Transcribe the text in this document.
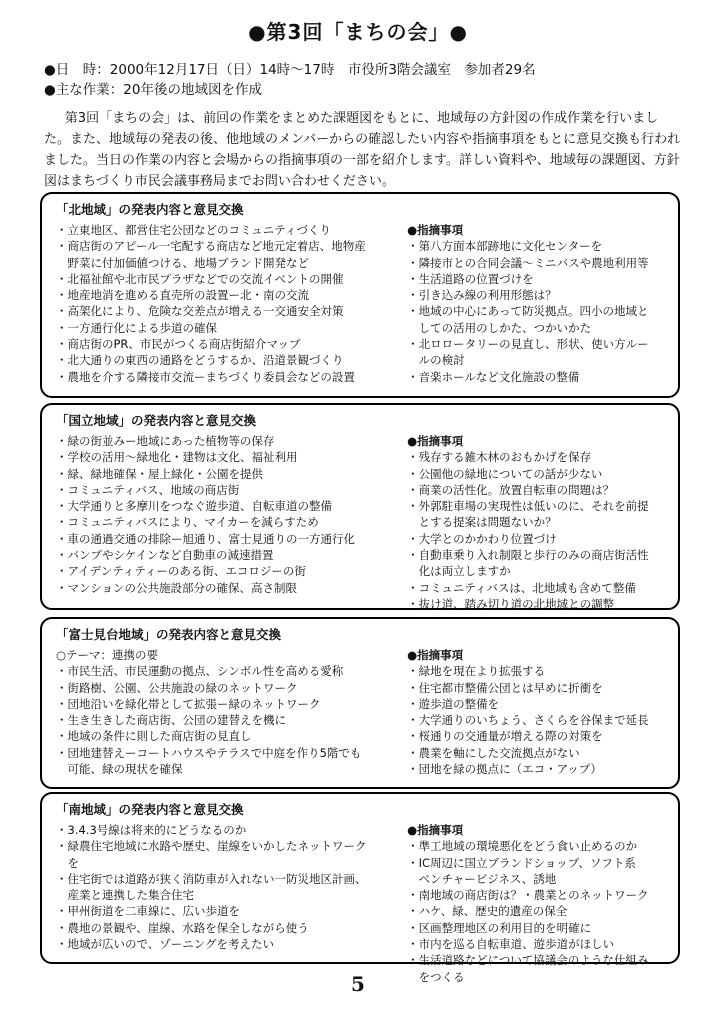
●第3回「まちの会」●
●日　時：2000年12月17日（日）14時〜17時　市役所3階会議室　参加者29名
●主な作業：20年後の地域図を作成

第3回「まちの会」は、前回の作業をまとめた課題図をもとに、地域毎の方針図の作成作業を行いました。また、地域毎の発表の後、他地域のメンバーからの確認したい内容や指摘事項をもとに意見交換も行われました。当日の作業の内容と会場からの指摘事項の一部を紹介します。詳しい資料や、地域毎の課題図、方針図はまちづくり市民会議事務局までお問い合わせください。

「北地域」の発表内容と意見交換
・立東地区、都営住宅公団などのコミュニティづくり
・商店街のアピール一宅配する商店など地元定着店、地物産
　野菜に付加価値つける、地場ブランド開発など
・北福祉館や北市民プラザなどでの交流イベントの開催
・地産地消を進める直売所の設置ー北・南の交流
・高架化により、危険な交差点が増える一交通安全対策
・一方通行化による歩道の確保
・商店街のPR、市民がつくる商店街紹介マップ
・北大通りの東西の通路をどうするか、沿道景観づくり
・農地を介する隣接市交流ーまちづくり委員会などの設置
●指摘事項
・第八方面本部跡地に文化センターを
・隣接市との合同会議〜ミニバスや農地利用等
・生活道路の位置づけを
・引き込み線の利用形態は？
・地域の中心にあって防災拠点。四小の地域と
　しての活用のしかた、つかいかた
・北ロロータリーの見直し、形状、使い方ルー
　ルの検討
・音楽ホールなど文化施設の整備
「国立地域」の発表内容と意見交換
・緑の街並みー地域にあった植物等の保存
・学校の活用〜緑地化・建物は文化、福祉利用
・緑、緑地確保・屋上緑化・公園を提供
・コミュニティバス、地域の商店街
・大学通りと多摩川をつなぐ遊歩道、自転車道の整備
・コミュニティバスにより、マイカーを減らすため
・車の通過交通の排除ー旭通り、富士見通りの一方通行化
・バンプやシケインなど自動車の減速措置
・アイデンティティーのある街、エコロジーの街
・マンションの公共施設部分の確保、高さ制限
●指摘事項
・残存する雑木林のおもかげを保存
・公園他の緑地についての話が少ない
・商業の活性化。放置自転車の問題は？
・外郭駐車場の実現性は低いのに、それを前提
　とする提案は問題ないか？
・大学とのかかわり位置づけ
・自動車乗り入れ制限と歩行のみの商店街活性
　化は両立しますか
・コミュニティバスは、北地域も含めて整備
・抜け道、踏み切り道の北地域との調整
「富士見台地域」の発表内容と意見交換
○テーマ：連携の要
・市民生活、市民運動の拠点、シンボル性を高める愛称
・街路樹、公園、公共施設の緑のネットワーク
・団地沿いを緑化帯として拡張ー緑のネットワーク
・生き生きした商店街、公団の建替えを機に
・地域の条件に則した商店街の見直し
・団地建替えーコートハウスやテラスで中庭を作り5階でも
　可能、緑の現状を確保
●指摘事項
・緑地を現在より拡張する
・住宅都市整備公団とは早めに折衝を
・遊歩道の整備を
・大学通りのいちょう、さくらを谷保まで延長
・桜通りの交通量が増える際の対策を
・農業を軸にした交流拠点がない
・団地を緑の拠点に（エコ・アップ）
「南地域」の発表内容と意見交換
・3.4.3号線は将来的にどうなるのか
・緑農住宅地域に水路や歴史、崖線をいかしたネットワーク
　を
・住宅街では道路が狭く消防車が入れない一防災地区計画、
　産業と連携した集合住宅
・甲州街道を二車線に、広い歩道を
・農地の景観や、崖線、水路を保全しながら使う
・地域が広いので、ゾーニングを考えたい
●指摘事項
・準工地域の環境悪化をどう食い止めるのか
・IC周辺に国立ブランドショップ、ソフト系
　ベンチャービジネス、誘地
・南地域の商店街は？・農業とのネットワーク
・ハケ、緑、歴史的遺産の保全
・区画整理地区の利用目的を明確に
・市内を巡る自転車道、遊歩道がほしい
・生活道路などについて協議会のような仕組み
　をつくる
5
